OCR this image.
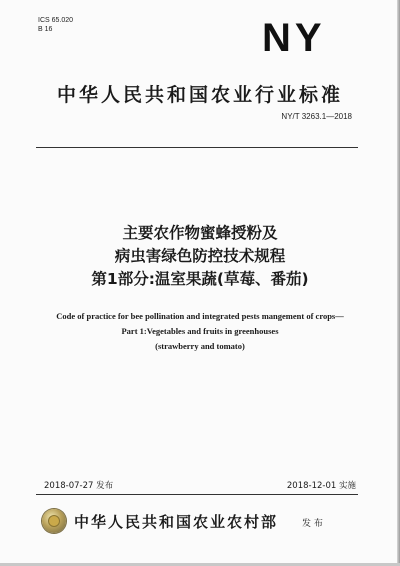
ICS 65.020
B 16	NY
中华人民共和国农业行业标准
NY/T 3263.1—2018
主要农作物蜜蜂授粉及
病虫害绿色防控技术规程
第1部分:温室果蔬(草莓、番茄)
Code of practice for bee pollination and integrated pests mangement of crops—
Part 1:Vegetables and fruits in greenhouses
(strawberry and tomato)
2018-07-27 发布	2018-12-01 实施
中华人民共和国农业农村部	发 布
